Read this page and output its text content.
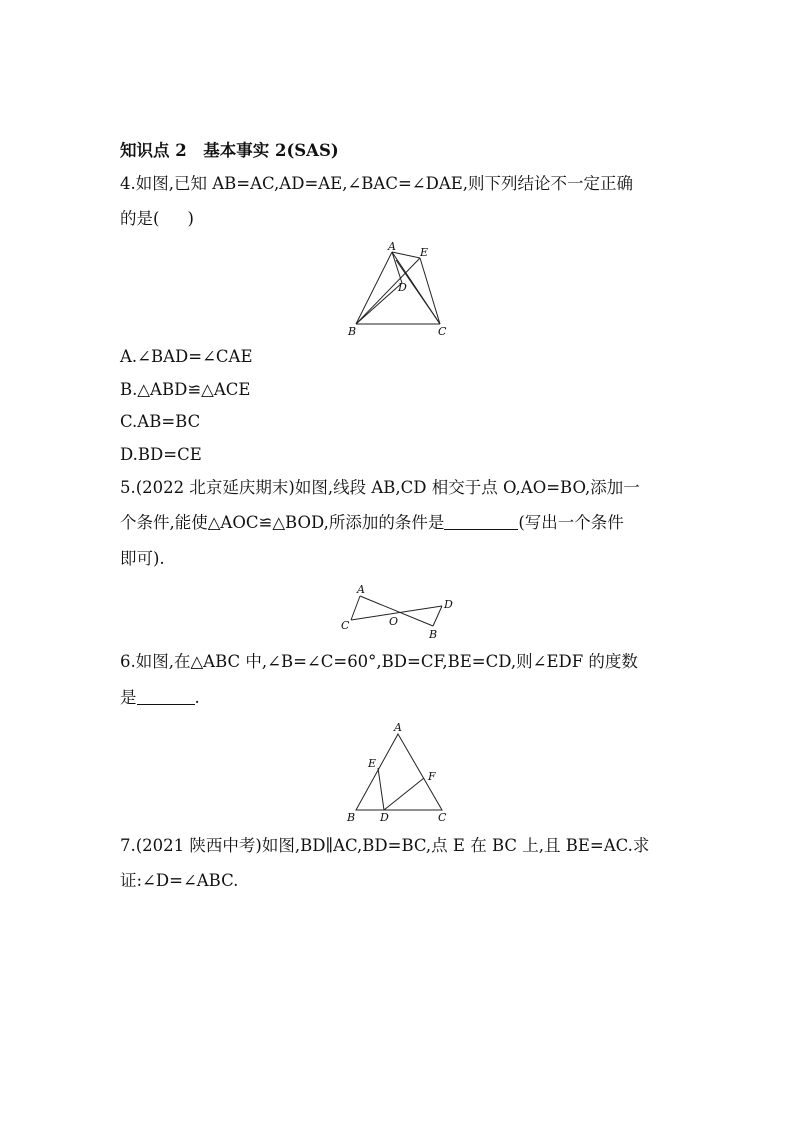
知识点 2　基本事实 2(SAS)
4.如图,已知 AB=AC,AD=AE,∠BAC=∠DAE,则下列结论不一定正确
的是( )
A E
D
B	C
A.∠BAD=∠CAE
B.△ABD≌△ACE
C.AB=BC
D.BD=CE
5.(2022 北京延庆期末)如图,线段 AB,CD 相交于点 O,AO=BO,添加一
个条件,能使△AOC≌△BOD,所添加的条件是	(写出一个条件
即可).
A
C	O
D
B
6.如图,在△ABC 中,∠B=∠C=60°,BD=CF,BE=CD,则∠EDF 的度数
是	.
A
E
F
B D	C
7.(2021 陕西中考)如图,BD∥AC,BD=BC,点 E 在 BC 上,且 BE=AC.求
证:∠D=∠ABC.
